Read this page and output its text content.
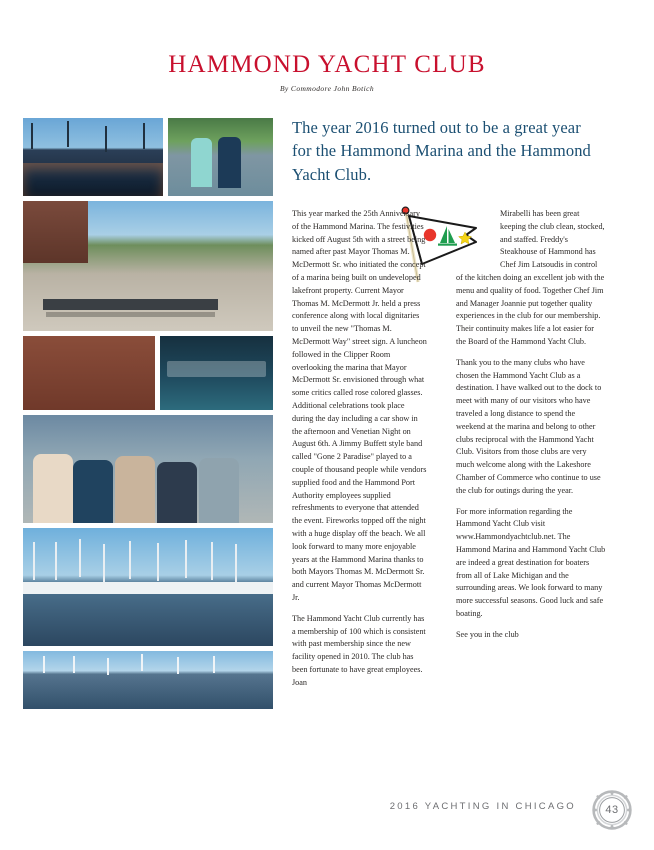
HAMMOND YACHT CLUB
By Commodore John Botich
The year 2016 turned out to be a great year for the Hammond Marina and the Hammond Yacht Club.

This year marked the 25th Anniversary of the Hammond Marina. The festivities kicked off August 5th with a street being named after past Mayor Thomas M. McDermott Sr. who initiated the concept of a marina being built on undeveloped lakefront property. Current Mayor Thomas M. McDermott Jr. held a press conference along with local dignitaries to unveil the new "Thomas M. McDermott Way" street sign. A luncheon followed in the Clipper Room overlooking the marina that Mayor McDermott Sr. envisioned through what some critics called rose colored glasses. Additional celebrations took place during the day including a car show in the afternoon and Venetian Night on August 6th. A Jimmy Buffett style band called "Gone 2 Paradise" played to a couple of thousand people while vendors supplied food and the Hammond Port Authority employees supplied refreshments to everyone that attended the event. Fireworks topped off the night with a huge display off the beach. We all look forward to many more enjoyable years at the Hammond Marina thanks to both Mayors Thomas M. McDermott Sr. and current Mayor Thomas McDermott Jr.

The Hammond Yacht Club currently has a membership of 100 which is consistent with past membership since the new facility opened in 2010. The club has been fortunate to have great employees. Joan

Mirabelli has been great keeping the club clean, stocked, and staffed. Freddy's Steakhouse of Hammond has Chef Jim Latsoudis in control of the kitchen doing an excellent job with the menu and quality of food. Together Chef Jim and Manager Joannie put together quality experiences in the club for our membership. Their continuity makes life a lot easier for the Board of the Hammond Yacht Club.

Thank you to the many clubs who have chosen the Hammond Yacht Club as a destination. I have walked out to the dock to meet with many of our visitors who have traveled a long distance to spend the weekend at the marina and belong to other clubs reciprocal with the Hammond Yacht Club. Visitors from those clubs are very much welcome along with the Lakeshore Chamber of Commerce who continue to use the club for outings during the year.

For more information regarding the Hammond Yacht Club visit www.Hammondyachtclub.net. The Hammond Marina and Hammond Yacht Club are indeed a great destination for boaters from all of Lake Michigan and the surrounding areas. We look forward to many more successful seasons. Good luck and safe boating.

See you in the club

2016 YACHTING IN CHICAGO	43
